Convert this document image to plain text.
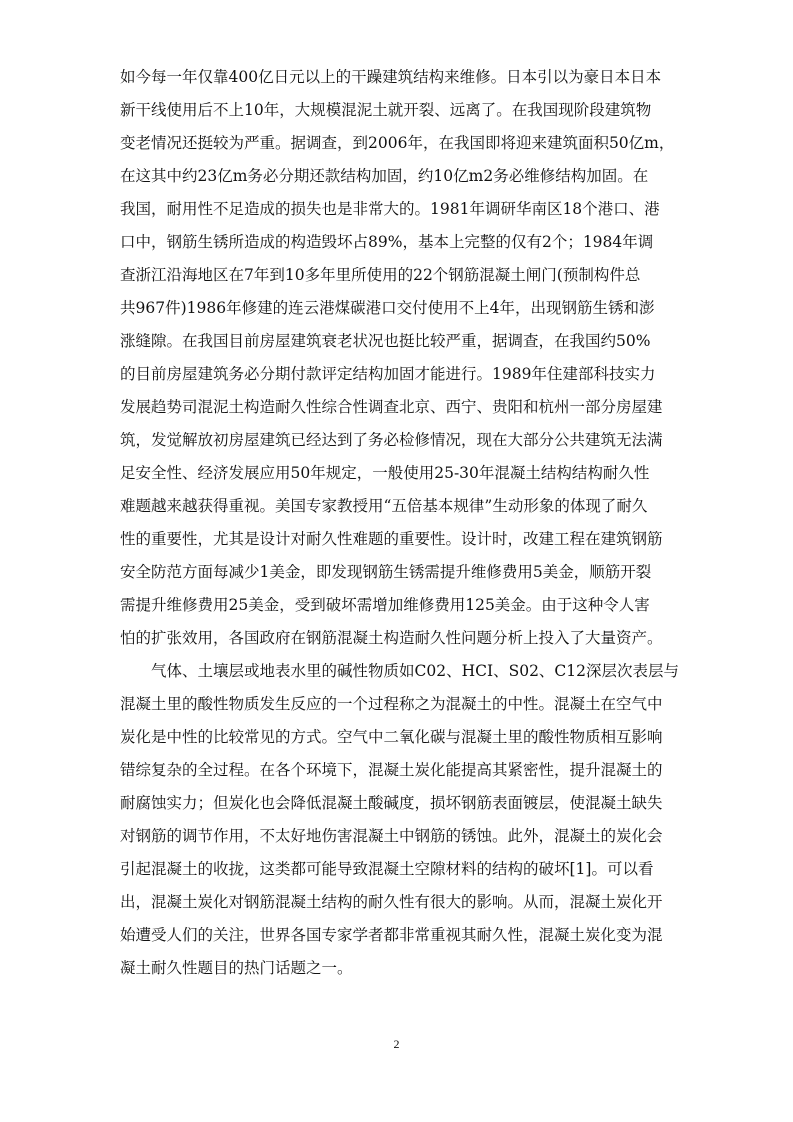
如今每一年仅靠400亿日元以上的干躁建筑结构来维修。日本引以为豪日本日本
新干线使用后不上10年，大规模混泥土就开裂、远离了。在我国现阶段建筑物
变老情况还挺较为严重。据调查，到2006年，在我国即将迎来建筑面积50亿m，
在这其中约23亿m务必分期还款结构加固，约10亿m2务必维修结构加固。在
我国，耐用性不足造成的损失也是非常大的。1981年调研华南区18个港口、港
口中，钢筋生锈所造成的构造毁坏占89%，基本上完整的仅有2个；1984年调
查浙江沿海地区在7年到10多年里所使用的22个钢筋混凝土闸门(预制构件总
共967件)1986年修建的连云港煤碳港口交付使用不上4年，出现钢筋生锈和澎
涨缝隙。在我国目前房屋建筑衰老状况也挺比较严重，据调查，在我国约50%
的目前房屋建筑务必分期付款评定结构加固才能进行。1989年住建部科技实力
发展趋势司混泥土构造耐久性综合性调查北京、西宁、贵阳和杭州一部分房屋建
筑，发觉解放初房屋建筑已经达到了务必检修情况，现在大部分公共建筑无法满
足安全性、经济发展应用50年规定，一般使用25-30年混凝土结构结构耐久性
难题越来越获得重视。美国专家教授用“五倍基本规律”生动形象的体现了耐久
性的重要性，尤其是设计对耐久性难题的重要性。设计时，改建工程在建筑钢筋
安全防范方面每减少1美金，即发现钢筋生锈需提升维修费用5美金，顺筋开裂
需提升维修费用25美金，受到破坏需增加维修费用125美金。由于这种令人害
怕的扩张效用，各国政府在钢筋混凝土构造耐久性问题分析上投入了大量资产。
气体、土壤层或地表水里的碱性物质如C02、HCI、S02、C12深层次表层与
混凝土里的酸性物质发生反应的一个过程称之为混凝土的中性。混凝土在空气中
炭化是中性的比较常见的方式。空气中二氧化碳与混凝土里的酸性物质相互影响
错综复杂的全过程。在各个环境下，混凝土炭化能提高其紧密性，提升混凝土的
耐腐蚀实力；但炭化也会降低混凝土酸碱度，损坏钢筋表面镀层，使混凝土缺失
对钢筋的调节作用，不太好地伤害混凝土中钢筋的锈蚀。此外，混凝土的炭化会
引起混凝土的收拢，这类都可能导致混凝土空隙材料的结构的破坏[1]。可以看
出，混凝土炭化对钢筋混凝土结构的耐久性有很大的影响。从而，混凝土炭化开
始遭受人们的关注，世界各国专家学者都非常重视其耐久性，混凝土炭化变为混
凝土耐久性题目的热门话题之一。
2
